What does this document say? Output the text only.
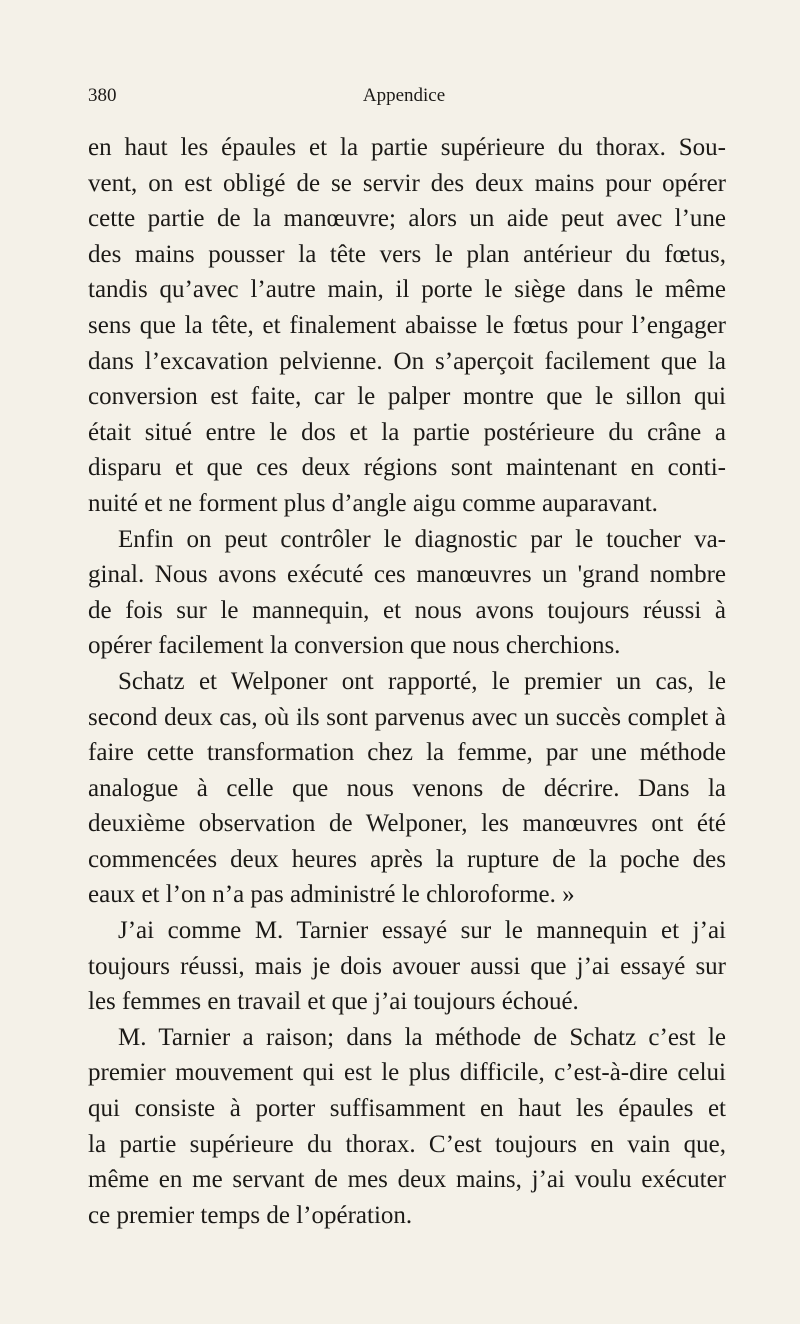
380	Appendice
en haut les épaules et la partie supérieure du thorax. Sou-
vent, on est obligé de se servir des deux mains pour opérer
cette partie de la manœuvre; alors un aide peut avec l’une
des mains pousser la tête vers le plan antérieur du fœtus,
tandis qu’avec l’autre main, il porte le siège dans le même
sens que la tête, et finalement abaisse le fœtus pour l’engager
dans l’excavation pelvienne. On s’aperçoit facilement que la
conversion est faite, car le palper montre que le sillon qui
était situé entre le dos et la partie postérieure du crâne a
disparu et que ces deux régions sont maintenant en conti-
nuité et ne forment plus d’angle aigu comme auparavant.
Enfin on peut contrôler le diagnostic par le toucher va-
ginal. Nous avons exécuté ces manœuvres un 'grand nombre
de fois sur le mannequin, et nous avons toujours réussi à
opérer facilement la conversion que nous cherchions.
Schatz et Welponer ont rapporté, le premier un cas, le
second deux cas, où ils sont parvenus avec un succès complet à
faire cette transformation chez la femme, par une méthode
analogue à celle que nous venons de décrire. Dans la
deuxième observation de Welponer, les manœuvres ont été
commencées deux heures après la rupture de la poche des
eaux et l’on n’a pas administré le chloroforme. »
J’ai comme M. Tarnier essayé sur le mannequin et j’ai
toujours réussi, mais je dois avouer aussi que j’ai essayé sur
les femmes en travail et que j’ai toujours échoué.
M. Tarnier a raison; dans la méthode de Schatz c’est le
premier mouvement qui est le plus difficile, c’est-à-dire celui
qui consiste à porter suffisamment en haut les épaules et
la partie supérieure du thorax. C’est toujours en vain que,
même en me servant de mes deux mains, j’ai voulu exécuter
ce premier temps de l’opération.
